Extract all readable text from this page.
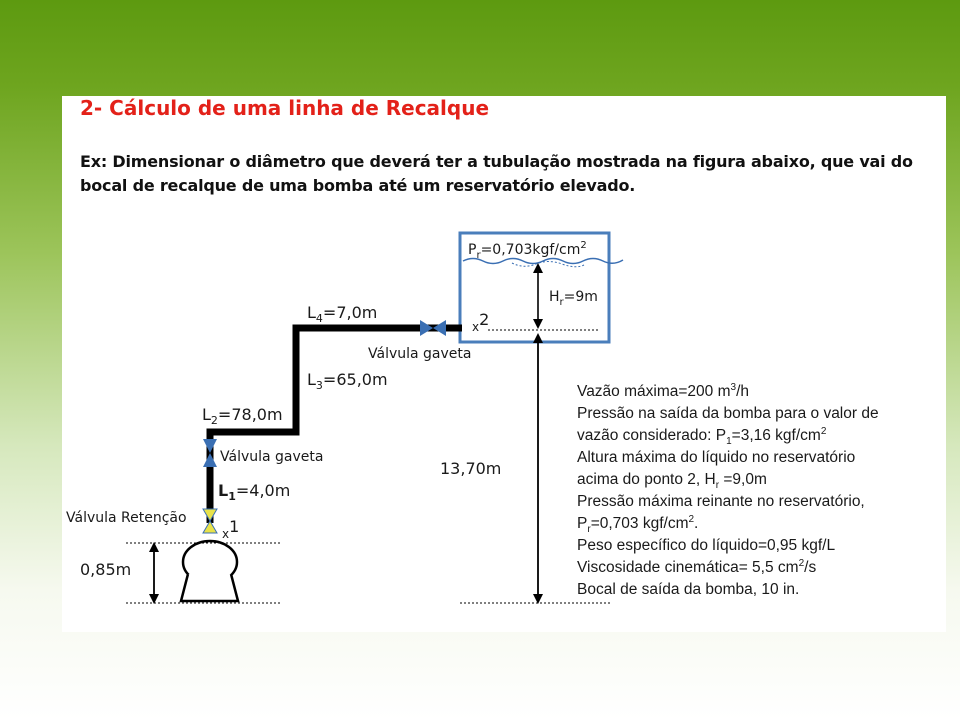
2- Cálculo de uma linha de Recalque

Ex: Dimensionar o diâmetro que deverá ter a tubulação mostrada na figura abaixo, que vai do bocal de recalque de uma bomba até um reservatório elevado.

$P_r=0,703kgf/cm^2$
$H_r=9m$
x2
Válvula gaveta
Válvula gaveta
Válvula Retenção
x1
$L_4=7,0m$
$L_3=65,0m$
$L_2=78,0m$
$L_1=4,0m$
13,70m
0,85m
Vazão máxima=200 $m^3/h$
Pressão na saída da bomba para o valor de
vazão considerado: $P_1=3,16$ kgf/$cm^2$
Altura máxima do líquido no reservatório
acima do ponto 2, $H_r =9,0m$
Pressão máxima reinante no reservatório,
$P_r=0,703$ kgf/$cm^2$.
Peso específico do líquido=0,95 kgf/L
Viscosidade cinemática= 5,5 $cm^2/s$
Bocal de saída da bomba, 10 in.
